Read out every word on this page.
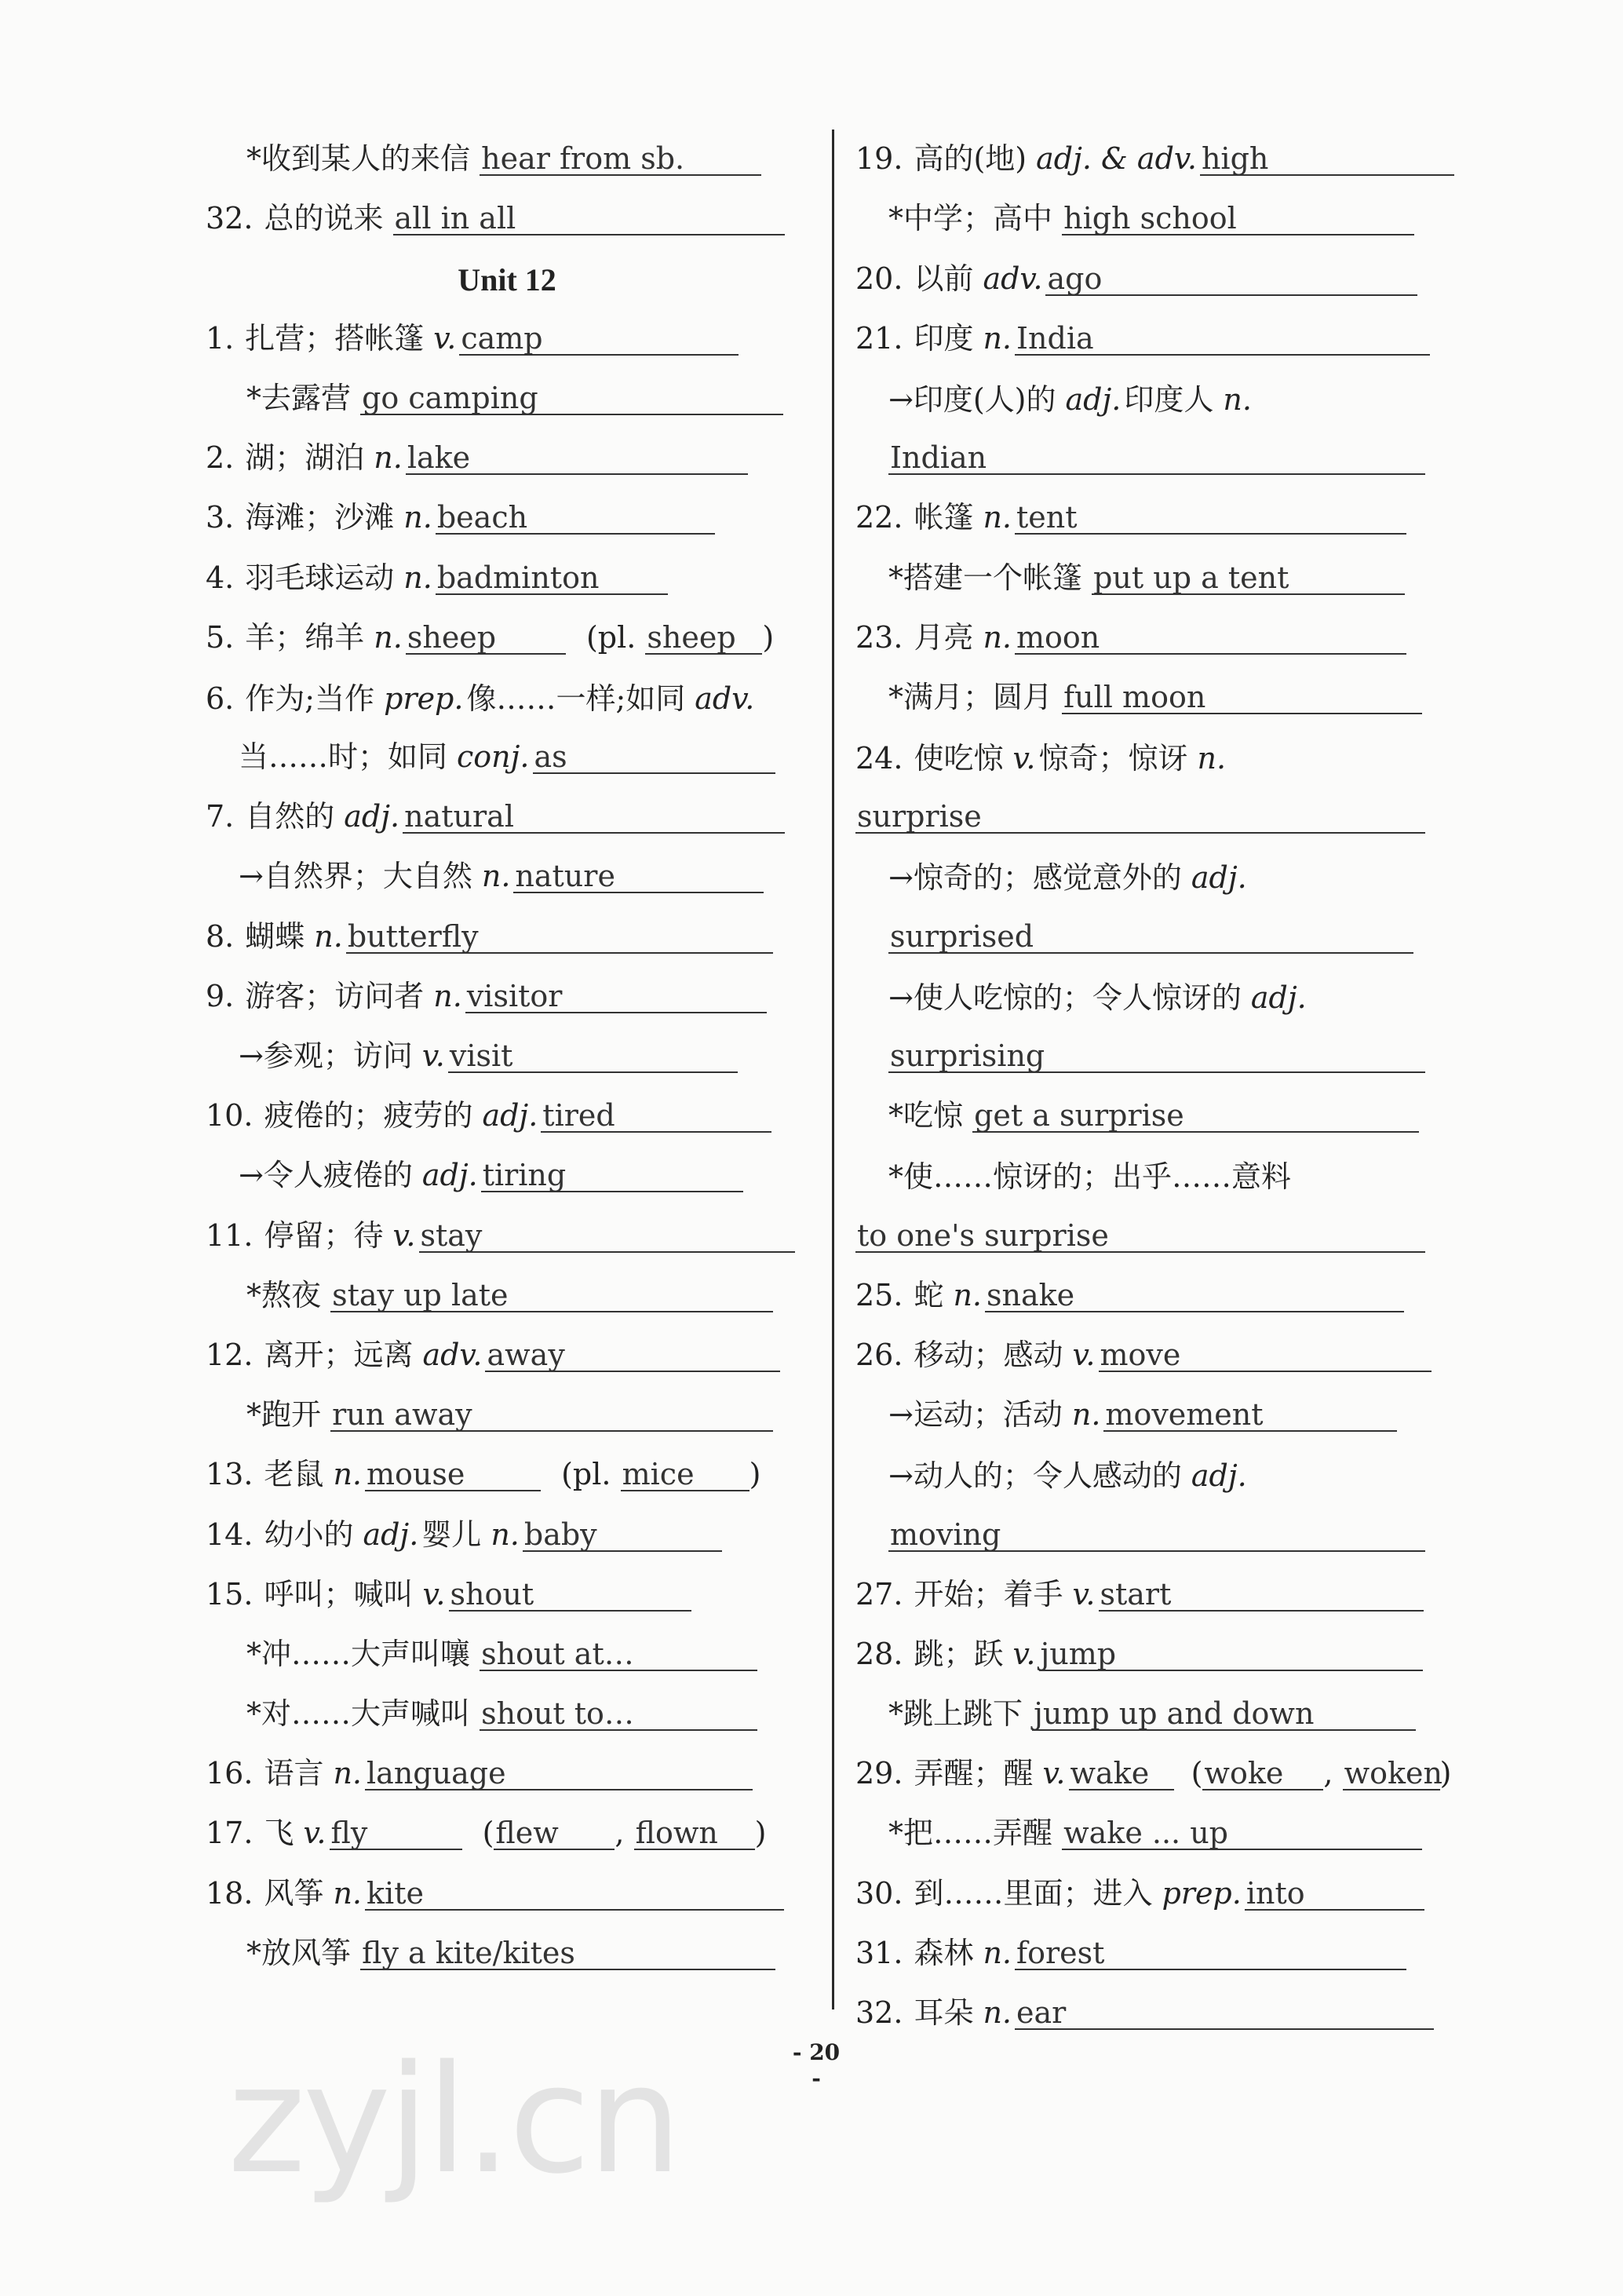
*收到某人的来信 hear from sb.
32. 总的说来 all in all
Unit 12
1. 扎营；搭帐篷 v. camp
*去露营 go camping
2. 湖；湖泊 n. lake
3. 海滩；沙滩 n. beach
4. 羽毛球运动 n. badminton
5. 羊；绵羊 n. sheep	(pl. sheep )
6. 作为;当作 prep. 像……一样;如同 adv.
当……时；如同 conj. as
7. 自然的 adj. natural
→自然界；大自然 n. nature
8. 蝴蝶 n. butterfly
9. 游客；访问者 n. visitor
→参观；访问 v. visit
10. 疲倦的；疲劳的 adj. tired
→令人疲倦的 adj. tiring
11. 停留；待 v. stay
*熬夜 stay up late
12. 离开；远离 adv. away
*跑开 run away
13. 老鼠 n. mouse	(pl. mice )
14. 幼小的 adj. 婴儿 n. baby
15. 呼叫；喊叫 v. shout
*冲……大声叫嚷 shout at…
*对……大声喊叫 shout to…
16. 语言 n. language
17. 飞 v. fly	(flew , flown )
18. 风筝 n. kite
*放风筝 fly a kite/kites
19. 高的(地) adj. & adv. high
*中学；高中 high school
20. 以前 adv. ago
21. 印度 n. India
→印度(人)的 adj. 印度人 n.
Indian
22. 帐篷 n. tent
*搭建一个帐篷 put up a tent
23. 月亮 n. moon
*满月；圆月 full moon
24. 使吃惊 v. 惊奇；惊讶 n.
surprise
→惊奇的；感觉意外的 adj.
surprised
→使人吃惊的；令人惊讶的 adj.
surprising
*吃惊 get a surprise
*使……惊讶的；出乎……意料
to one's surprise
25. 蛇 n. snake
26. 移动；感动 v. move
→运动；活动 n. movement
→动人的；令人感动的 adj.
moving
27. 开始；着手 v. start
28. 跳；跃 v. jump
*跳上跳下 jump up and down
29. 弄醒；醒 v. wake (woke , woken)
*把……弄醒 wake ... up
30. 到……里面；进入 prep. into
31. 森林 n. forest
32. 耳朵 n. ear
- 20 -
zyjl.cn
